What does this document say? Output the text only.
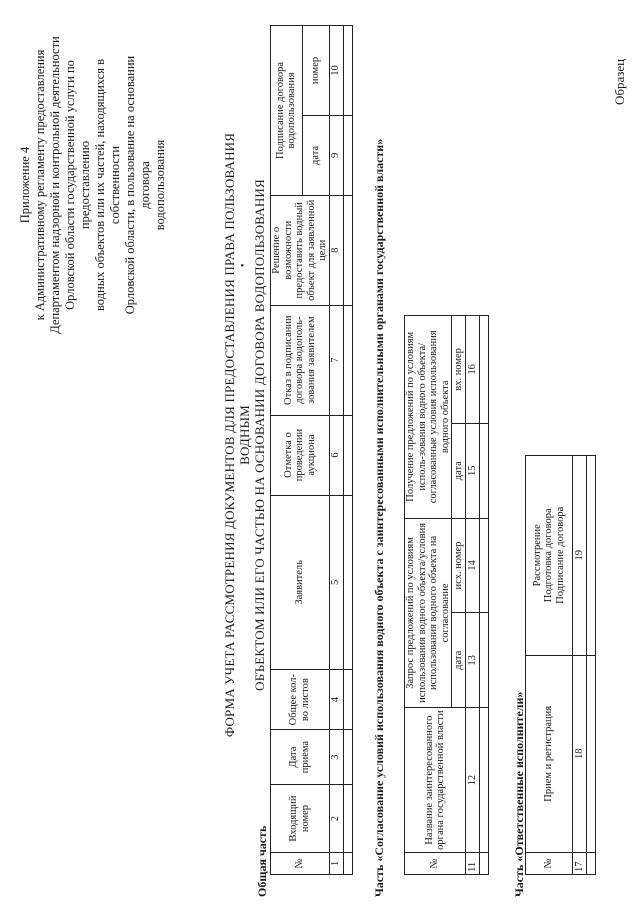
Приложение 4 к Административному регламенту предоставления Департаментом надзорной и контрольной деятельности Орловской области государственной услуги по предоставлению водных объектов или их частей, находящихся в собственности Орловской области, в пользование на основании договора водопользования
•
Образец
ФОРМА УЧЕТА РАССМОТРЕНИЯ ДОКУМЕНТОВ ДЛЯ ПРЕДОСТАВЛЕНИЯ ПРАВА ПОЛЬЗОВАНИЯ ВОДНЫМ ОБЪЕКТОМ ИЛИ ЕГО ЧАСТЬЮ НА ОСНОВАНИИ ДОГОВОРА ВОДОПОЛЬЗОВАНИЯ
Общая часть №	Входящий номер	Дата приема	Общее кол-во листов	Заявитель	Отметка о проведении аукциона	Отказ в подписании договора водополь-зования заявителем	Решение о возможности предоставить водный объект для заявленной цели	Подписание договора водопользования	
								дата	номер
1	2	3	4	5	6	7	8	9	10

Часть «Согласование условий использования водного объекта с заинтересованными исполнительными органами государственной власти»	№	Название заинтересованного органа государственной власти	Запрос предложений по условиям использования водного объекта/условия использования водного объекта на согласование		Получение предложений по условиям исполь-зования водного объекта/согласованные условия использования водного объекта	
		дата	исх. номер	дата	вх. номер
11	12	13	14	15	16

Часть «Ответственные исполнители» №	Прием и регистрация	Рассмотрение Подготовка договора Подписание договора

17	18	19
